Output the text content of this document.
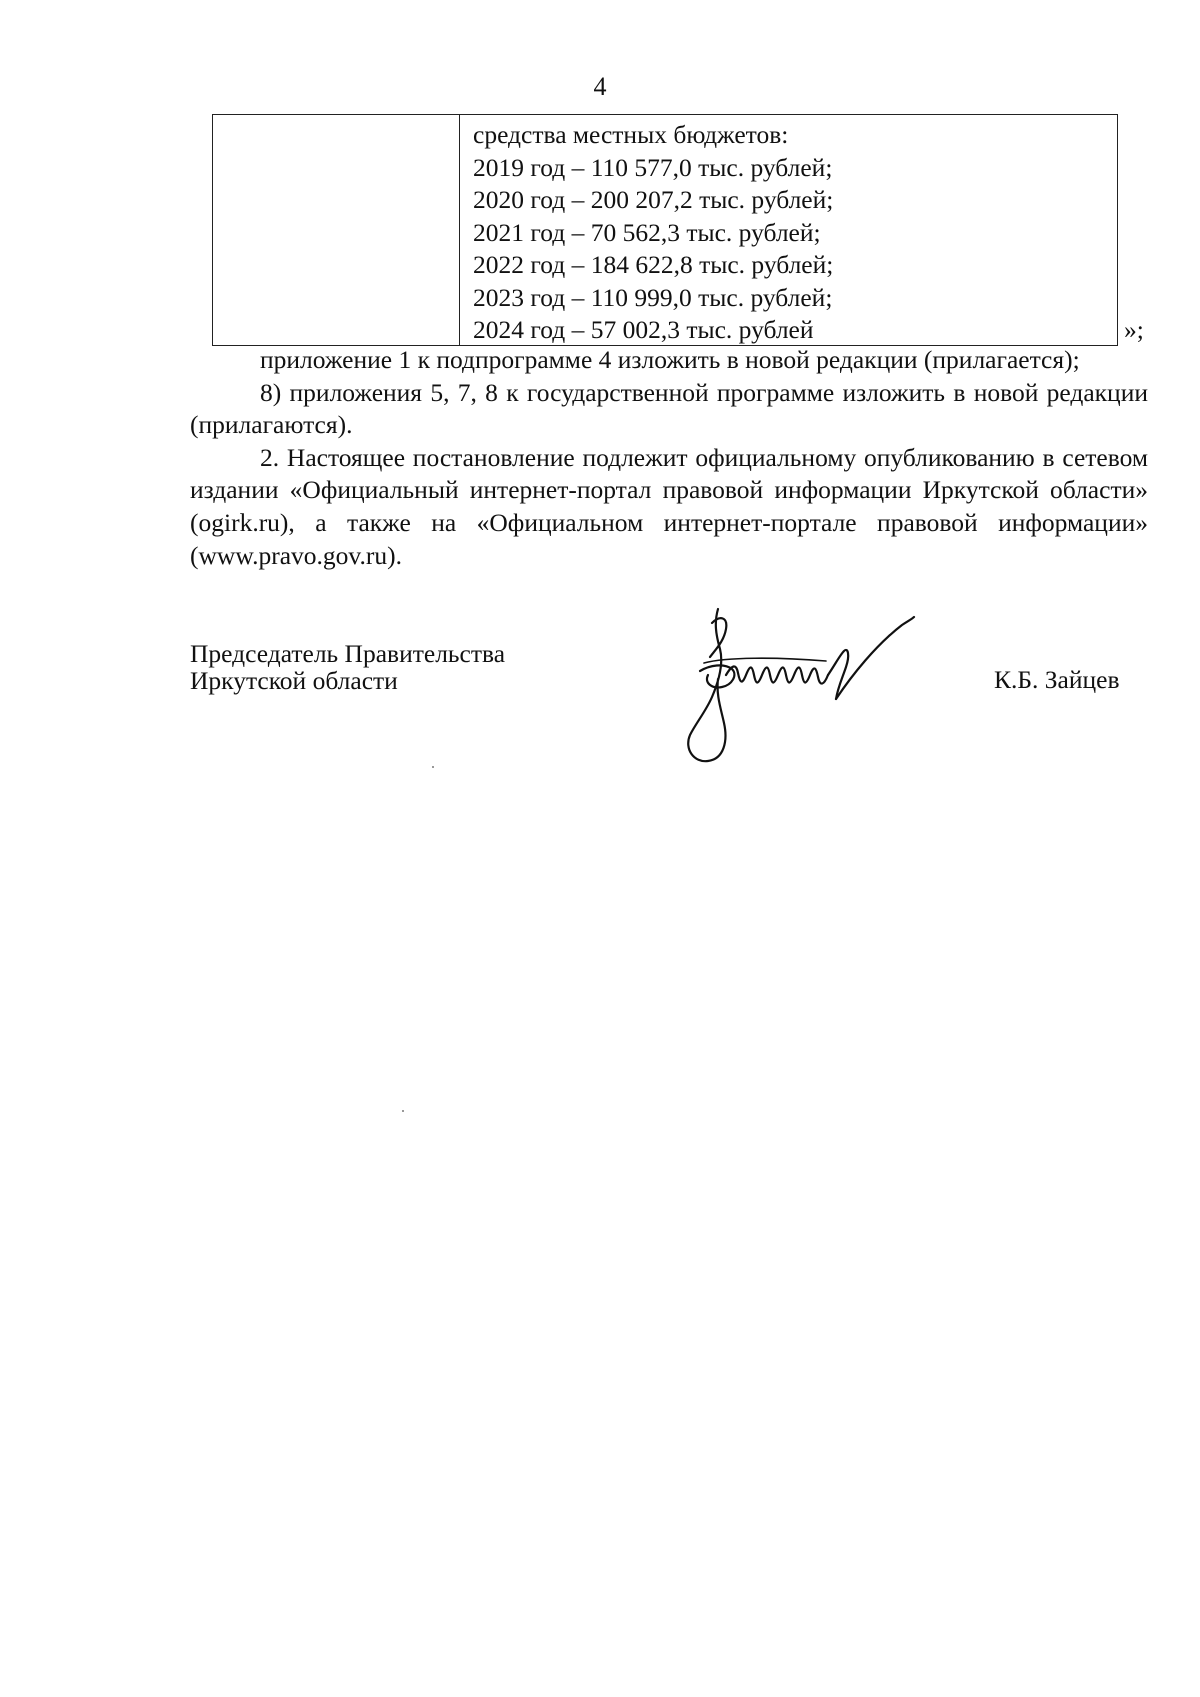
4
средства местных бюджетов:
2019 год – 110 577,0 тыс. рублей;
2020 год – 200 207,2 тыс. рублей;
2021 год – 70 562,3 тыс. рублей;
2022 год – 184 622,8 тыс. рублей;
2023 год – 110 999,0 тыс. рублей;
2024 год – 57 002,3 тыс. рублей	»;

приложение 1 к подпрограмме 4 изложить в новой редакции (прилагается);

8) приложения 5, 7, 8 к государственной программе изложить в новой редакции (прилагаются).

2. Настоящее постановление подлежит официальному опубликованию в сетевом издании «Официальный интернет-портал правовой информации Иркутской области» (ogirk.ru), а также на «Официальном интернет-портале правовой информации» (www.pravo.gov.ru).

Председатель Правительства
Иркутской области	К.Б. Зайцев
